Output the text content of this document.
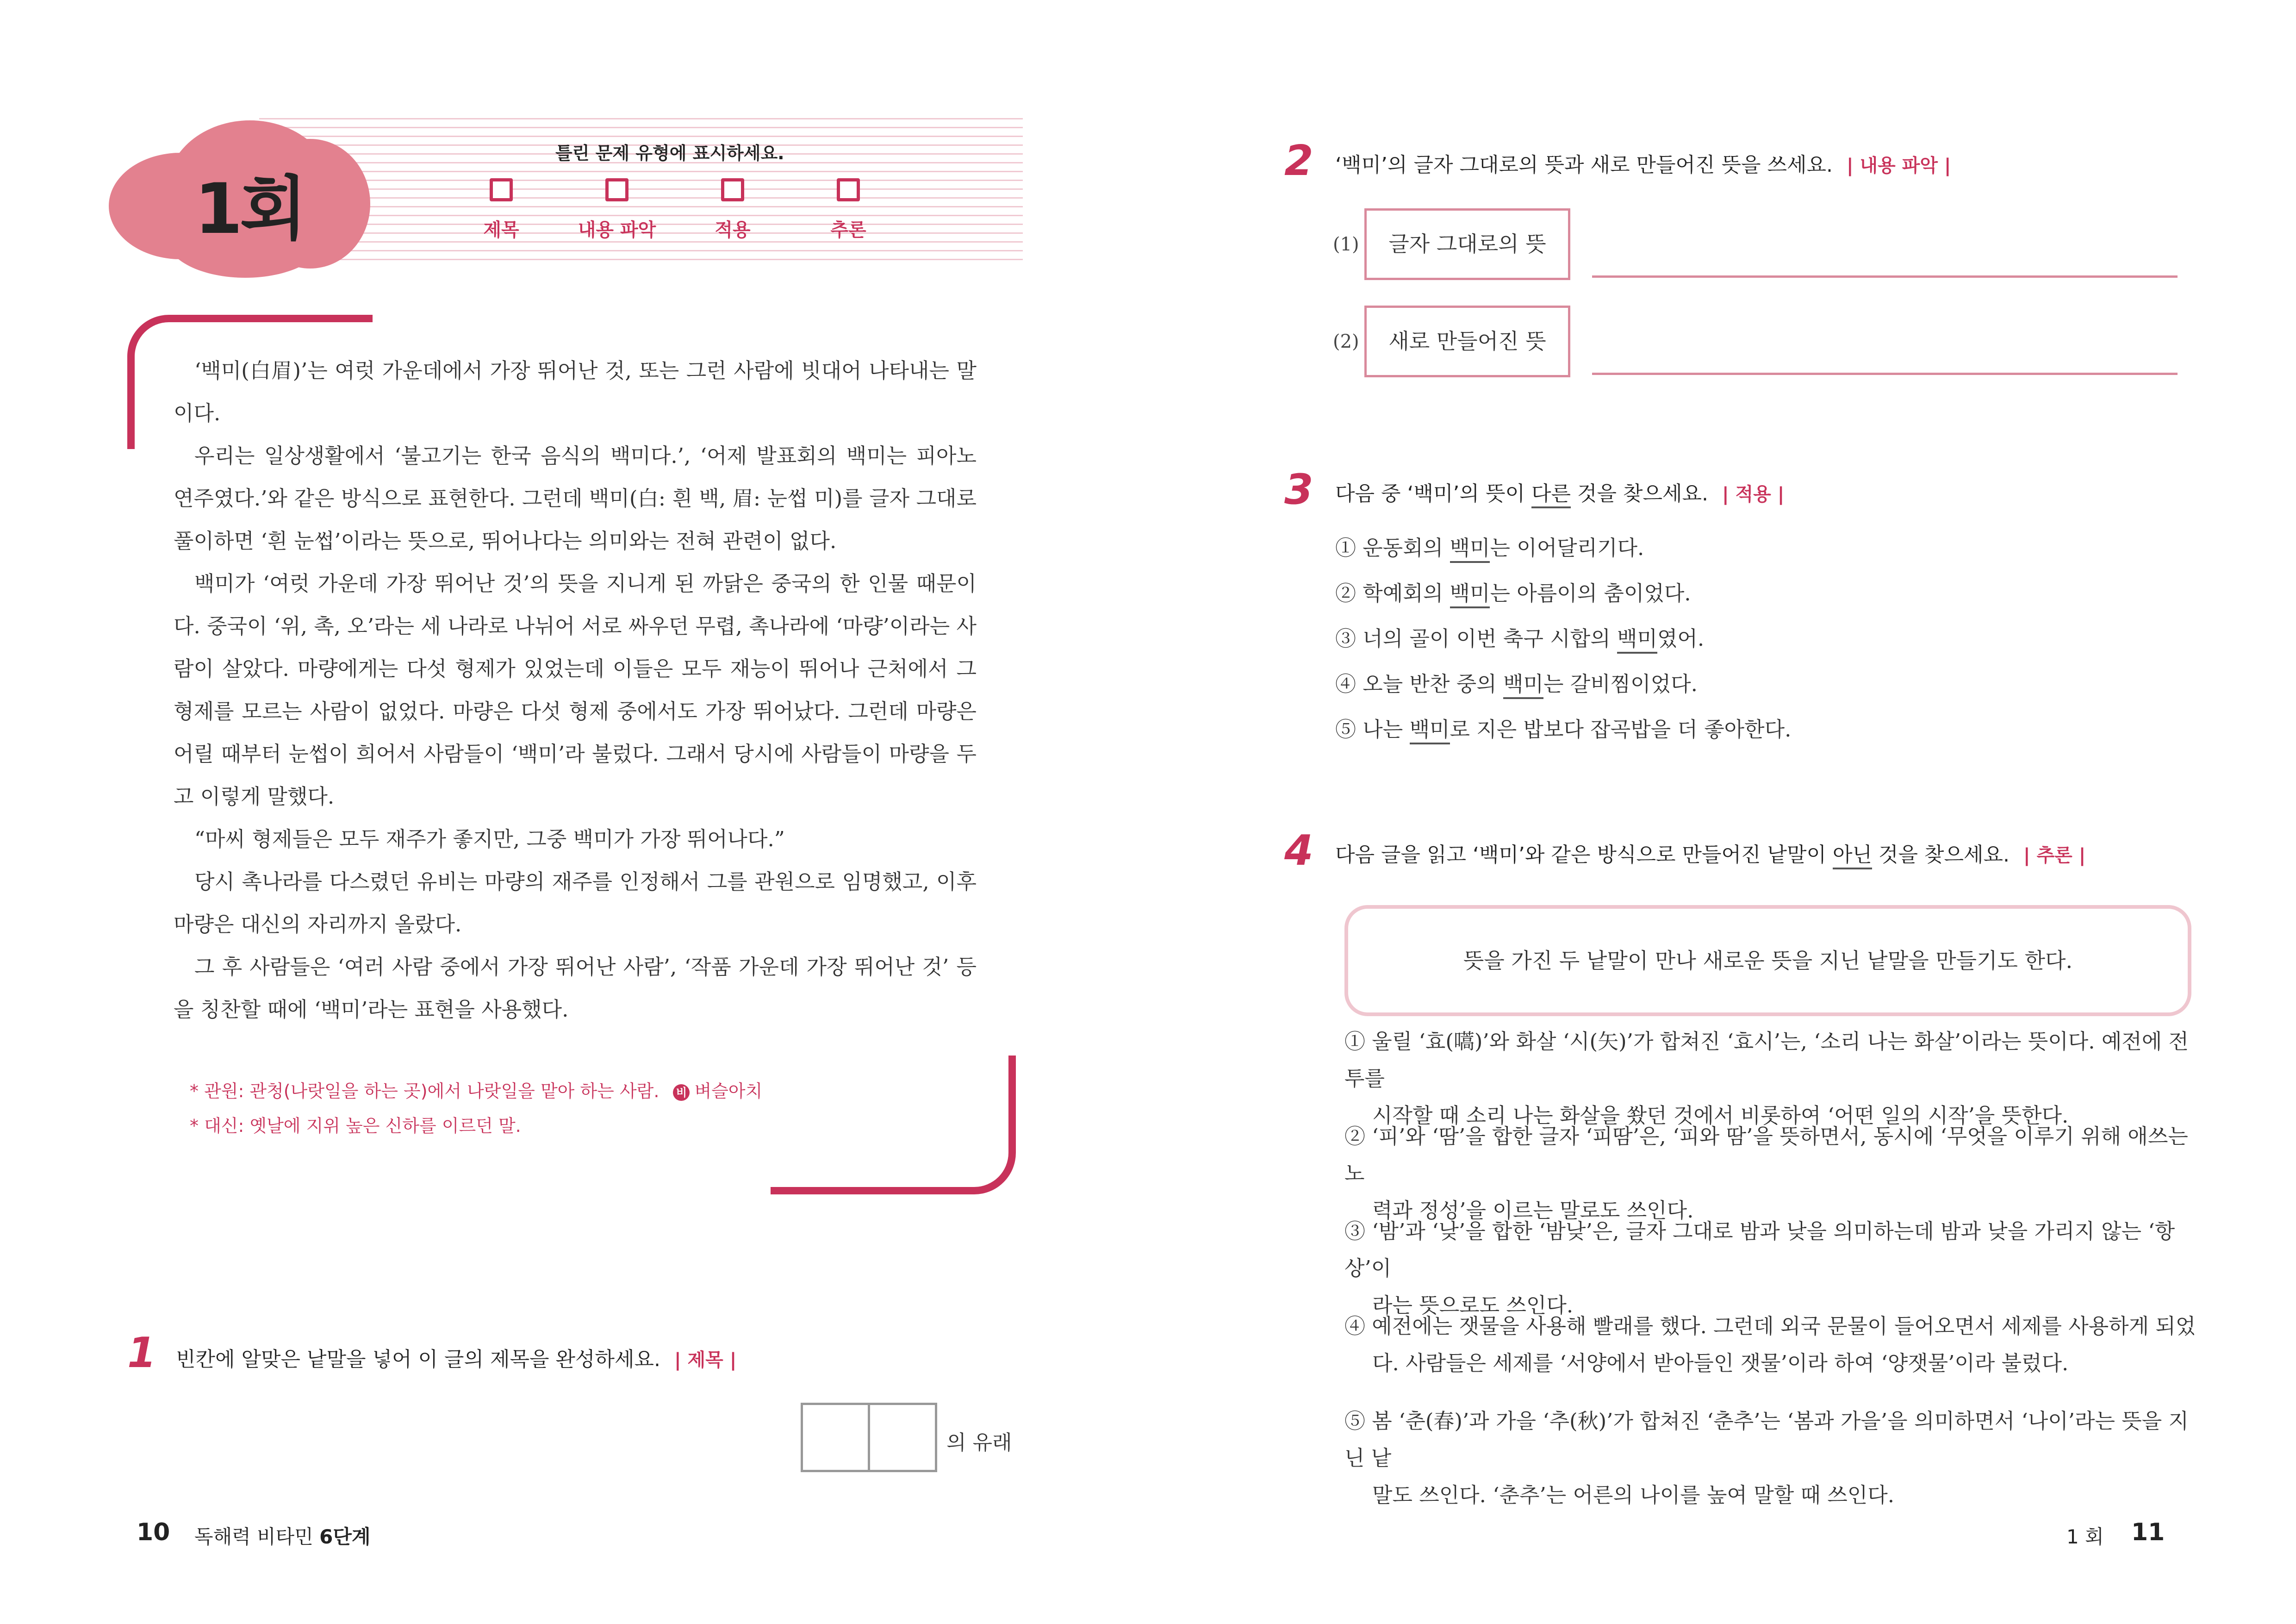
1회
틀린 문제 유형에 표시하세요.
제목	내용 파악	적용	추론

‘백미(白眉)’는 여럿 가운데에서 가장 뛰어난 것, 또는 그런 사람에 빗대어 나타내는 말이다.

우리는 일상생활에서 ‘불고기는 한국 음식의 백미다.’, ‘어제 발표회의 백미는 피아노 연주였다.’와 같은 방식으로 표현한다. 그런데 백미(白: 흰 백, 眉: 눈썹 미)를 글자 그대로 풀이하면 ‘흰 눈썹’이라는 뜻으로, 뛰어나다는 의미와는 전혀 관련이 없다.

백미가 ‘여럿 가운데 가장 뛰어난 것’의 뜻을 지니게 된 까닭은 중국의 한 인물 때문이다. 중국이 ‘위, 촉, 오’라는 세 나라로 나뉘어 서로 싸우던 무렵, 촉나라에 ‘마량’이라는 사람이 살았다. 마량에게는 다섯 형제가 있었는데 이들은 모두 재능이 뛰어나 근처에서 그 형제를 모르는 사람이 없었다. 마량은 다섯 형제 중에서도 가장 뛰어났다. 그런데 마량은 어릴 때부터 눈썹이 희어서 사람들이 ‘백미’라 불렀다. 그래서 당시에 사람들이 마량을 두고 이렇게 말했다.

“마씨 형제들은 모두 재주가 좋지만, 그중 백미가 가장 뛰어나다.”

당시 촉나라를 다스렸던 유비는 마량의 재주를 인정해서 그를 관원으로 임명했고, 이후 마량은 대신의 자리까지 올랐다.

그 후 사람들은 ‘여러 사람 중에서 가장 뛰어난 사람’, ‘작품 가운데 가장 뛰어난 것’ 등을 칭찬할 때에 ‘백미’라는 표현을 사용했다.

* 관원: 관청(나랏일을 하는 곳)에서 나랏일을 맡아 하는 사람. 비 벼슬아치
* 대신: 옛날에 지위 높은 신하를 이르던 말.
1 빈칸에 알맞은 낱말을 넣어 이 글의 제목을 완성하세요. | 제목 |
의 유래
10 독해력 비타민 6단계
2 ‘백미’의 글자 그대로의 뜻과 새로 만들어진 뜻을 쓰세요. | 내용 파악 |
(1)	글자 그대로의 뜻
(2)	새로 만들어진 뜻
3 다음 중 ‘백미’의 뜻이 다른 것을 찾으세요. | 적용 |
① 운동회의 백미는 이어달리기다.
② 학예회의 백미는 아름이의 춤이었다.
③ 너의 골이 이번 축구 시합의 백미였어.
④ 오늘 반찬 중의 백미는 갈비찜이었다.
⑤ 나는 백미로 지은 밥보다 잡곡밥을 더 좋아한다.
4 다음 글을 읽고 ‘백미’와 같은 방식으로 만들어진 낱말이 아닌 것을 찾으세요. | 추론 |
뜻을 가진 두 낱말이 만나 새로운 뜻을 지닌 낱말을 만들기도 한다.
① 울릴 ‘효(嚆)’와 화살 ‘시(矢)’가 합쳐진 ‘효시’는, ‘소리 나는 화살’이라는 뜻이다. 예전에 전투를
시작할 때 소리 나는 화살을 쐈던 것에서 비롯하여 ‘어떤 일의 시작’을 뜻한다.
② ‘피’와 ‘땀’을 합한 글자 ‘피땀’은, ‘피와 땀’을 뜻하면서, 동시에 ‘무엇을 이루기 위해 애쓰는 노
력과 정성’을 이르는 말로도 쓰인다.
③ ‘밤’과 ‘낮’을 합한 ‘밤낮’은, 글자 그대로 밤과 낮을 의미하는데 밤과 낮을 가리지 않는 ‘항상’이
라는 뜻으로도 쓰인다.
④ 예전에는 잿물을 사용해 빨래를 했다. 그런데 외국 문물이 들어오면서 세제를 사용하게 되었
다. 사람들은 세제를 ‘서양에서 받아들인 잿물’이라 하여 ‘양잿물’이라 불렀다.
⑤ 봄 ‘춘(春)’과 가을 ‘추(秋)’가 합쳐진 ‘춘추’는 ‘봄과 가을’을 의미하면서 ‘나이’라는 뜻을 지닌 낱
말도 쓰인다. ‘춘추’는 어른의 나이를 높여 말할 때 쓰인다.
1 회 11
